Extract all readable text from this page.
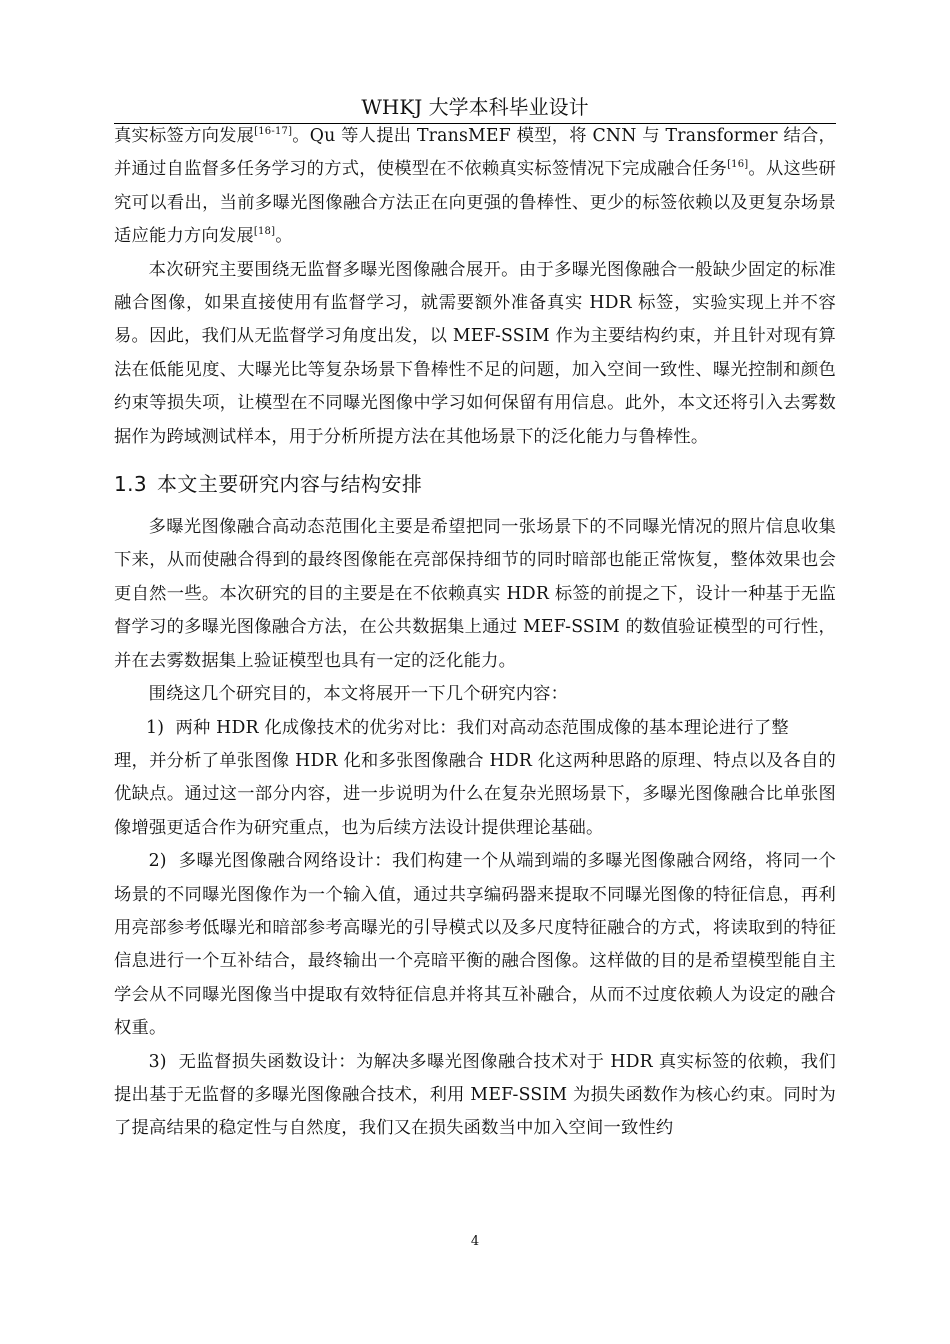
WHKJ 大学本科毕业设计

真实标签方向发展[16-17]。Qu 等人提出 TransMEF 模型，将 CNN 与 Transformer 结合，并通过自监督多任务学习的方式，使模型在不依赖真实标签情况下完成融合任务[16]。从这些研究可以看出，当前多曝光图像融合方法正在向更强的鲁棒性、更少的标签依赖以及更复杂场景适应能力方向发展[18]。

本次研究主要围绕无监督多曝光图像融合展开。由于多曝光图像融合一般缺少固定的标准融合图像，如果直接使用有监督学习，就需要额外准备真实 HDR 标签，实验实现上并不容易。因此，我们从无监督学习角度出发，以 MEF-SSIM 作为主要结构约束，并且针对现有算法在低能见度、大曝光比等复杂场景下鲁棒性不足的问题，加入空间一致性、曝光控制和颜色约束等损失项，让模型在不同曝光图像中学习如何保留有用信息。此外，本文还将引入去雾数据作为跨域测试样本，用于分析所提方法在其他场景下的泛化能力与鲁棒性。

1.3 本文主要研究内容与结构安排

多曝光图像融合高动态范围化主要是希望把同一张场景下的不同曝光情况的照片信息收集下来，从而使融合得到的最终图像能在亮部保持细节的同时暗部也能正常恢复，整体效果也会更自然一些。本次研究的目的主要是在不依赖真实 HDR 标签的前提之下，设计一种基于无监督学习的多曝光图像融合方法，在公共数据集上通过 MEF-SSIM 的数值验证模型的可行性，并在去雾数据集上验证模型也具有一定的泛化能力。

围绕这几个研究目的，本文将展开一下几个研究内容：

1) 两种 HDR 化成像技术的优劣对比：我们对高动态范围成像的基本理论进行了整

理，并分析了单张图像 HDR 化和多张图像融合 HDR 化这两种思路的原理、特点以及各自的优缺点。通过这一部分内容，进一步说明为什么在复杂光照场景下，多曝光图像融合比单张图像增强更适合作为研究重点，也为后续方法设计提供理论基础。

2) 多曝光图像融合网络设计：我们构建一个从端到端的多曝光图像融合网络，将同一个场景的不同曝光图像作为一个输入值，通过共享编码器来提取不同曝光图像的特征信息，再利用亮部参考低曝光和暗部参考高曝光的引导模式以及多尺度特征融合的方式，将读取到的特征信息进行一个互补结合，最终输出一个亮暗平衡的融合图像。这样做的目的是希望模型能自主学会从不同曝光图像当中提取有效特征信息并将其互补融合，从而不过度依赖人为设定的融合权重。

3) 无监督损失函数设计：为解决多曝光图像融合技术对于 HDR 真实标签的依赖，我们提出基于无监督的多曝光图像融合技术，利用 MEF-SSIM 为损失函数作为核心约束。同时为了提高结果的稳定性与自然度，我们又在损失函数当中加入空间一致性约

4
